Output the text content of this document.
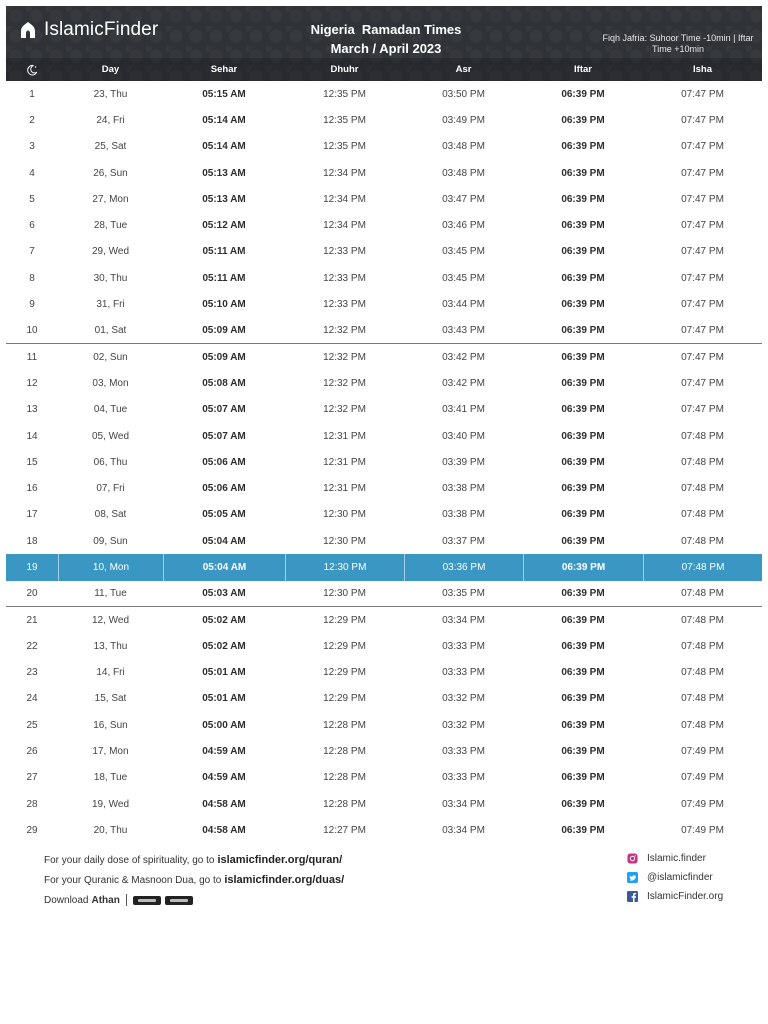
IslamicFinder	Nigeria  Ramadan Times
March / April 2023
Fiqh Jafria: Suhoor Time -10min | Iftar Time +10min
Day	Sehar	Dhuhr	Asr	Iftar	Isha
1	23, Thu	05:15 AM	12:35 PM	03:50 PM	06:39 PM	07:47 PM
2	24, Fri	05:14 AM	12:35 PM	03:49 PM	06:39 PM	07:47 PM
3	25, Sat	05:14 AM	12:35 PM	03:48 PM	06:39 PM	07:47 PM
4	26, Sun	05:13 AM	12:34 PM	03:48 PM	06:39 PM	07:47 PM
5	27, Mon	05:13 AM	12:34 PM	03:47 PM	06:39 PM	07:47 PM
6	28, Tue	05:12 AM	12:34 PM	03:46 PM	06:39 PM	07:47 PM
7	29, Wed	05:11 AM	12:33 PM	03:45 PM	06:39 PM	07:47 PM
8	30, Thu	05:11 AM	12:33 PM	03:45 PM	06:39 PM	07:47 PM
9	31, Fri	05:10 AM	12:33 PM	03:44 PM	06:39 PM	07:47 PM
10	01, Sat	05:09 AM	12:32 PM	03:43 PM	06:39 PM	07:47 PM
11	02, Sun	05:09 AM	12:32 PM	03:42 PM	06:39 PM	07:47 PM
12	03, Mon	05:08 AM	12:32 PM	03:42 PM	06:39 PM	07:47 PM
13	04, Tue	05:07 AM	12:32 PM	03:41 PM	06:39 PM	07:47 PM
14	05, Wed	05:07 AM	12:31 PM	03:40 PM	06:39 PM	07:48 PM
15	06, Thu	05:06 AM	12:31 PM	03:39 PM	06:39 PM	07:48 PM
16	07, Fri	05:06 AM	12:31 PM	03:38 PM	06:39 PM	07:48 PM
17	08, Sat	05:05 AM	12:30 PM	03:38 PM	06:39 PM	07:48 PM
18	09, Sun	05:04 AM	12:30 PM	03:37 PM	06:39 PM	07:48 PM
19	10, Mon	05:04 AM	12:30 PM	03:36 PM	06:39 PM	07:48 PM
20	11, Tue	05:03 AM	12:30 PM	03:35 PM	06:39 PM	07:48 PM
21	12, Wed	05:02 AM	12:29 PM	03:34 PM	06:39 PM	07:48 PM
22	13, Thu	05:02 AM	12:29 PM	03:33 PM	06:39 PM	07:48 PM
23	14, Fri	05:01 AM	12:29 PM	03:33 PM	06:39 PM	07:48 PM
24	15, Sat	05:01 AM	12:29 PM	03:32 PM	06:39 PM	07:48 PM
25	16, Sun	05:00 AM	12:28 PM	03:32 PM	06:39 PM	07:48 PM
26	17, Mon	04:59 AM	12:28 PM	03:33 PM	06:39 PM	07:49 PM
27	18, Tue	04:59 AM	12:28 PM	03:33 PM	06:39 PM	07:49 PM
28	19, Wed	04:58 AM	12:28 PM	03:34 PM	06:39 PM	07:49 PM
29	20, Thu	04:58 AM	12:27 PM	03:34 PM	06:39 PM	07:49 PM
For your daily dose of spirituality, go to islamicfinder.org/quran/
For your Quranic & Masnoon Dua, go to islamicfinder.org/duas/
Download Athan
Islamic.finder
@islamicfinder
IslamicFinder.org
